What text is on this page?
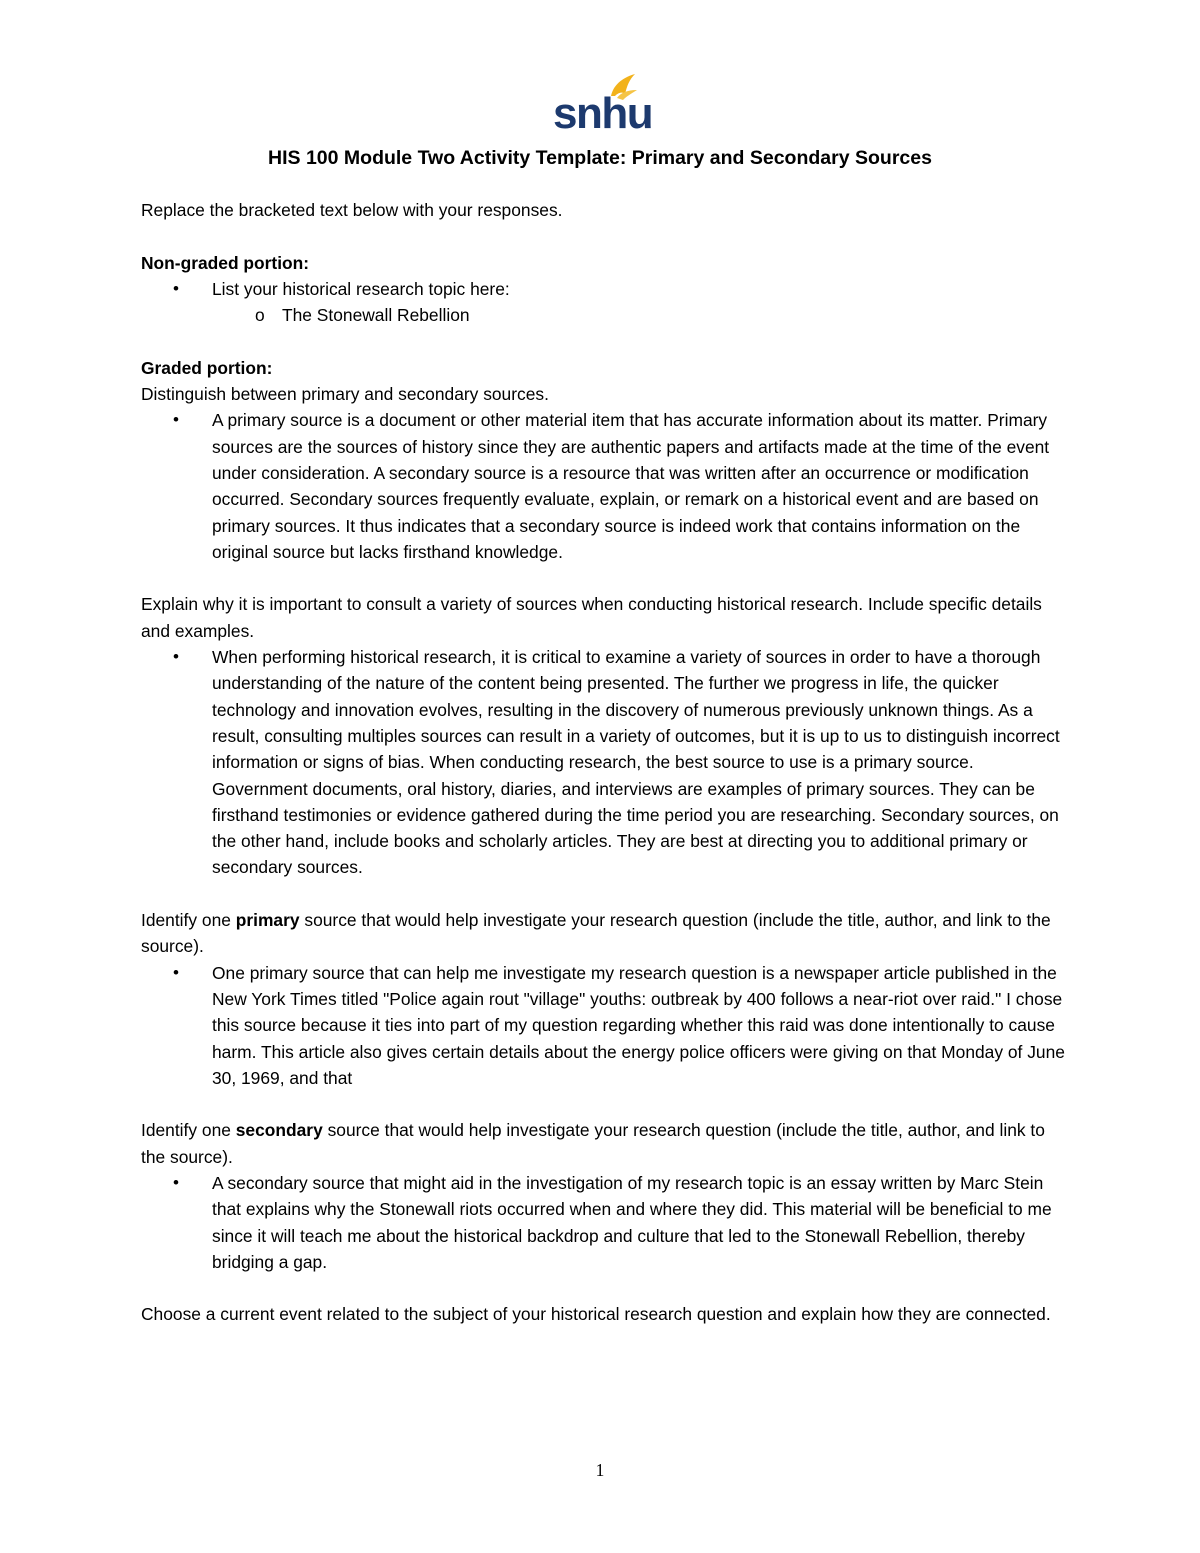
snhu
HIS 100 Module Two Activity Template: Primary and Secondary Sources

Replace the bracketed text below with your responses.

Non-graded portion:

• List your historical research topic here:
o The Stonewall Rebellion

Graded portion:

Distinguish between primary and secondary sources.

• A primary source is a document or other material item that has accurate information about its matter. Primary sources are the sources of history since they are authentic papers and artifacts made at the time of the event under consideration. A secondary source is a resource that was written after an occurrence or modification occurred. Secondary sources frequently evaluate, explain, or remark on a historical event and are based on primary sources. It thus indicates that a secondary source is indeed work that contains information on the original source but lacks firsthand knowledge.

Explain why it is important to consult a variety of sources when conducting historical research. Include specific details and examples.

• When performing historical research, it is critical to examine a variety of sources in order to have a thorough understanding of the nature of the content being presented. The further we progress in life, the quicker technology and innovation evolves, resulting in the discovery of numerous previously unknown things. As a result, consulting multiples sources can result in a variety of outcomes, but it is up to us to distinguish incorrect information or signs of bias. When conducting research, the best source to use is a primary source. Government documents, oral history, diaries, and interviews are examples of primary sources. They can be firsthand testimonies or evidence gathered during the time period you are researching. Secondary sources, on the other hand, include books and scholarly articles. They are best at directing you to additional primary or secondary sources.

Identify one primary source that would help investigate your research question (include the title, author, and link to the source).

• One primary source that can help me investigate my research question is a newspaper article published in the New York Times titled "Police again rout "village" youths: outbreak by 400 follows a near-riot over raid." I chose this source because it ties into part of my question regarding whether this raid was done intentionally to cause harm. This article also gives certain details about the energy police officers were giving on that Monday of June 30, 1969, and that

Identify one secondary source that would help investigate your research question (include the title, author, and link to the source).

• A secondary source that might aid in the investigation of my research topic is an essay written by Marc Stein that explains why the Stonewall riots occurred when and where they did. This material will be beneficial to me since it will teach me about the historical backdrop and culture that led to the Stonewall Rebellion, thereby bridging a gap.

Choose a current event related to the subject of your historical research question and explain how they are connected.

1
